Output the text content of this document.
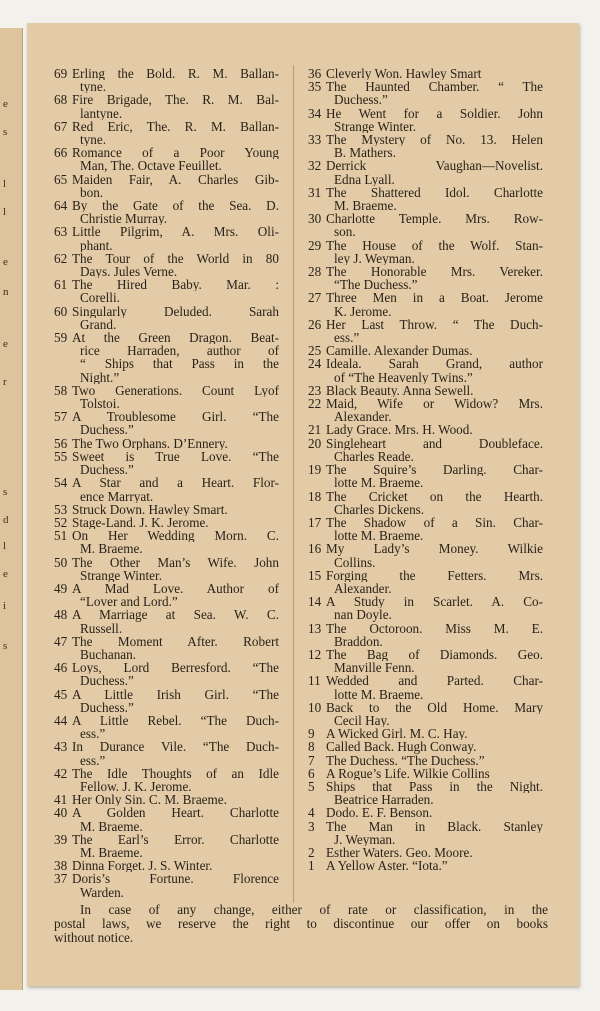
e
s
l
l
e
n
e
r
s
d
l
e
i
s
69 Erling the Bold. R. M. Ballan-
tyne.
68 Fire Brigade, The. R. M. Bal-
lantyne.
67 Red Eric, The. R. M. Ballan-
tyne.
66 Romance of a Poor Young
Man, The. Octave Feuillet.
65 Maiden Fair, A. Charles Gib-
bon.
64 By the Gate of the Sea. D.
Christie Murray.
63 Little Pilgrim, A. Mrs. Oli-
phant.
62 The Tour of the World in 80
Days. Jules Verne.
61 The Hired Baby. Mar. :
Corelli.
60 Singularly Deluded. Sarah
Grand.
59 At the Green Dragon. Beat-
rice Harraden, author of
“ Ships that Pass in the
Night.”
58 Two Generations. Count Lyof
Tolstoi.
57 A Troublesome Girl. “The
Duchess.”
56 The Two Orphans. D’Ennery.
55 Sweet is True Love. “The
Duchess.”
54 A Star and a Heart. Flor-
ence Marryat.
53 Struck Down. Hawley Smart.
52 Stage-Land. J. K. Jerome.
51 On Her Wedding Morn. C.
M. Braeme.
50 The Other Man’s Wife. John
Strange Winter.
49 A Mad Love. Author of
“Lover and Lord.”
48 A Marriage at Sea. W. C.
Russell.
47 The Moment After. Robert
Buchanan.
46 Loys, Lord Berresford. “The
Duchess.”
45 A Little Irish Girl. “The
Duchess.”
44 A Little Rebel. “The Duch-
ess.”
43 In Durance Vile. “The Duch-
ess.”
42 The Idle Thoughts of an Idle
Fellow. J. K. Jerome.
41 Her Only Sin. C. M. Braeme.
40 A Golden Heart. Charlotte
M. Braeme.
39 The Earl’s Error. Charlotte
M. Braeme.
38 Dinna Forget. J. S. Winter.
37 Doris’s Fortune. Florence
Warden.
36 Cleverly Won. Hawley Smart
35 The Haunted Chamber. “ The
Duchess.”
34 He Went for a Soldier. John
Strange Winter.
33 The Mystery of No. 13. Helen
B. Mathers.
32 Derrick Vaughan—Novelist.
Edna Lyall.
31 The Shattered Idol. Charlotte
M. Braeme.
30 Charlotte Temple. Mrs. Row-
son.
29 The House of the Wolf. Stan-
ley J. Weyman.
28 The Honorable Mrs. Vereker.
“The Duchess.”
27 Three Men in a Boat. Jerome
K. Jerome.
26 Her Last Throw. “ The Duch-
ess.”
25 Camille. Alexander Dumas.
24 Ideala. Sarah Grand, author
of “The Heavenly Twins.”
23 Black Beauty. Anna Sewell.
22 Maid, Wife or Widow? Mrs.
Alexander.
21 Lady Grace. Mrs. H. Wood.
20 Singleheart and Doubleface.
Charles Reade.
19 The Squire’s Darling. Char-
lotte M. Braeme.
18 The Cricket on the Hearth.
Charles Dickens.
17 The Shadow of a Sin. Char-
lotte M. Braeme.
16 My Lady’s Money. Wilkie
Collins.
15 Forging the Fetters. Mrs.
Alexander.
14 A Study in Scarlet. A. Co-
nan Doyle.
13 The Octoroon. Miss M. E.
Braddon.
12 The Bag of Diamonds. Geo.
Manville Fenn.
11 Wedded and Parted. Char-
lotte M. Braeme.
10 Back to the Old Home. Mary
Cecil Hay.
9 A Wicked Girl. M. C. Hay.
8 Called Back. Hugh Conway.
7 The Duchess. “The Duchess.”
6 A Rogue’s Life. Wilkie Collins
5 Ships that Pass in the Night.
Beatrice Harraden.
4 Dodo. E. F. Benson.
3 The Man in Black. Stanley
J. Weyman.
2 Esther Waters. Geo. Moore.
1 A Yellow Aster. “Iota.”
In case of any change, either of rate or classification, in the
postal laws, we reserve the right to discontinue our offer on books
without notice.
